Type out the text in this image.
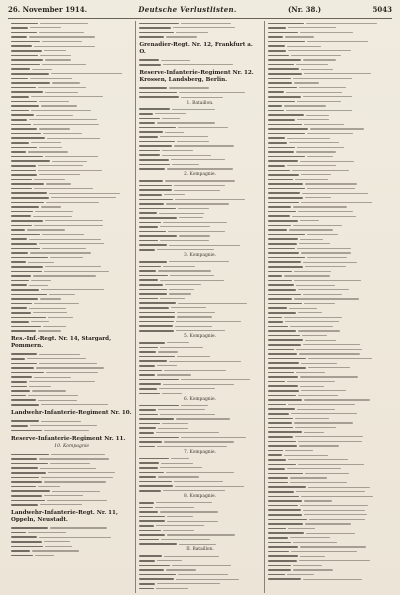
26. November 1914.	Deutsche Verlustlisten.	(Nr. 38.)	5043
Res.-Inf.-Regt. Nr. 14, Stargard, Pommern.
Landwehr-Infanterie-Regiment Nr. 10.
Reserve-Infanterie-Regiment Nr. 11.
10. Kompagnie
Landwehr-Infanterie-Regt. Nr. 11, Oppeln, Neustadt.
Grenadier-Regt. Nr. 12, Frankfurt a. O.
Reserve-Infanterie-Regiment Nr. 12. Krossen, Landsberg, Berlin.
1. Bataillon.
2. Kompagnie.
3. Kompagnie.
5. Kompagnie.
6. Kompagnie.
7. Kompagnie.
8. Kompagnie.
II. Bataillon.
